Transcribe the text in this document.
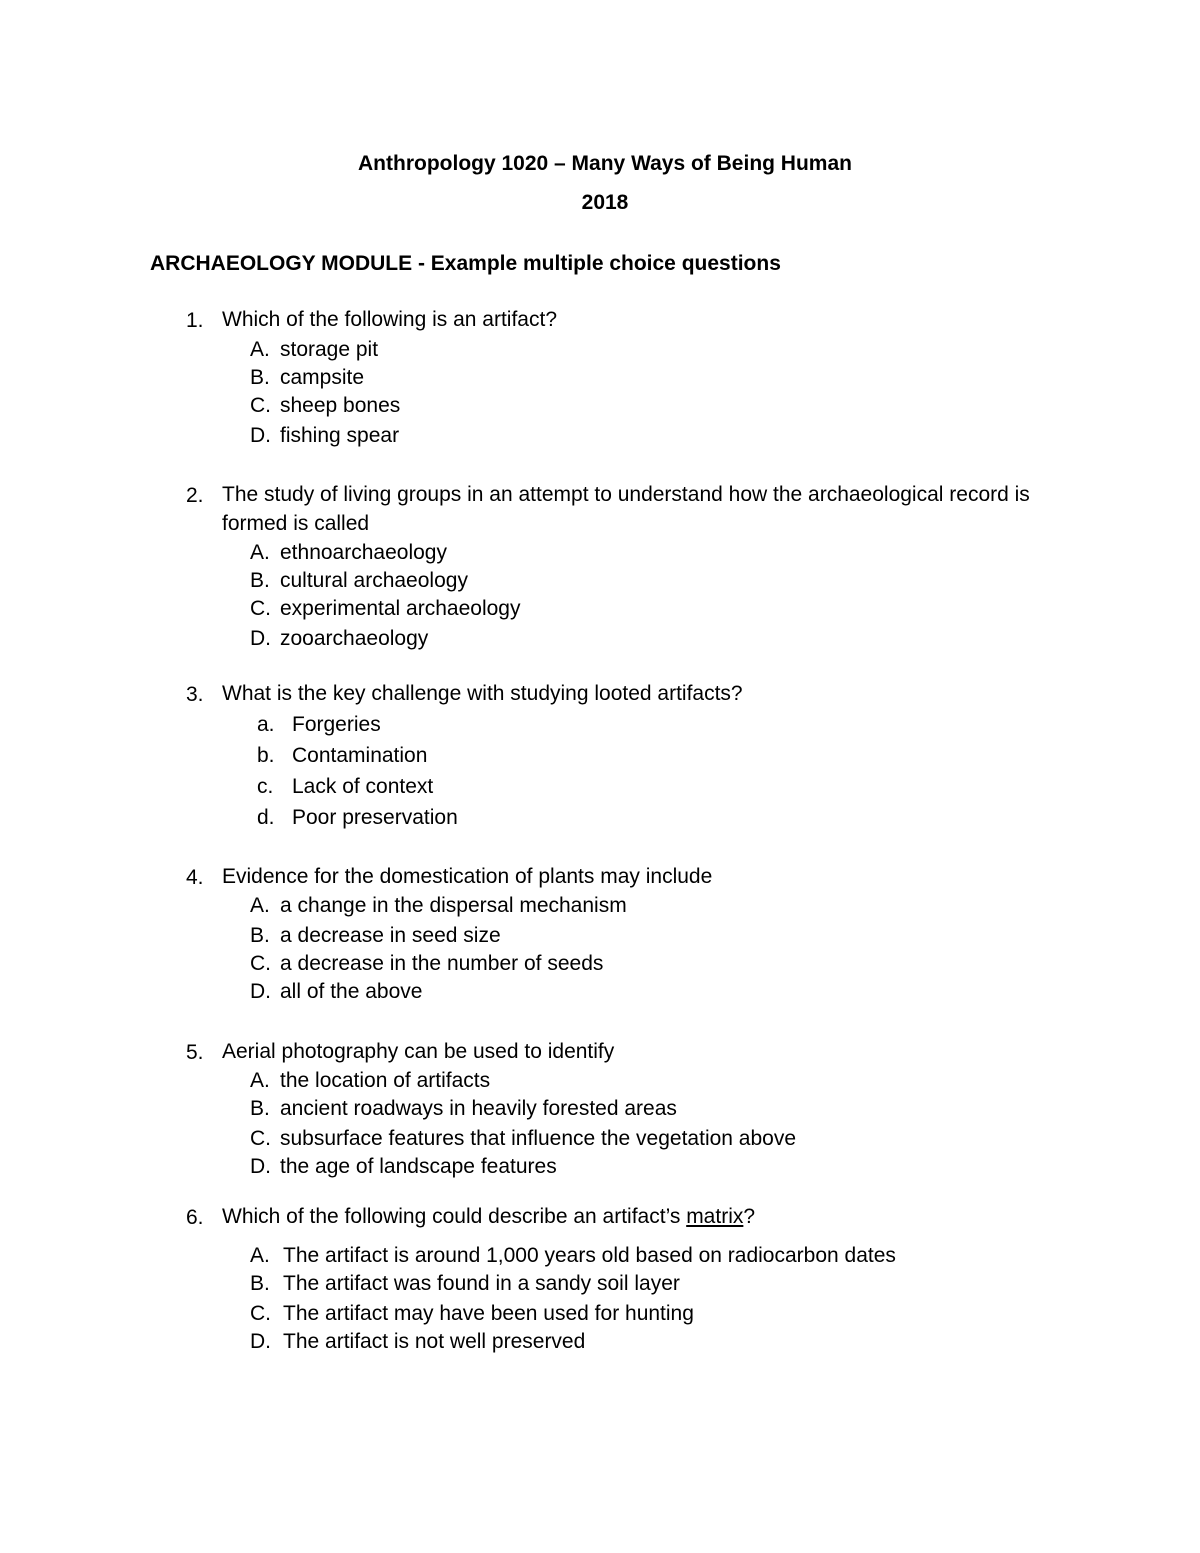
Anthropology 1020 – Many Ways of Being Human
2018
ARCHAEOLOGY MODULE - Example multiple choice questions
1. Which of the following is an artifact?
A. storage pit
B. campsite
C. sheep bones
D. fishing spear
2. The study of living groups in an attempt to understand how the archaeological record is formed is called
A. ethnoarchaeology
B. cultural archaeology
C. experimental archaeology
D. zooarchaeology
3. What is the key challenge with studying looted artifacts?
a. Forgeries
b. Contamination
c. Lack of context
d. Poor preservation
4. Evidence for the domestication of plants may include
A. a change in the dispersal mechanism
B. a decrease in seed size
C. a decrease in the number of seeds
D. all of the above
5. Aerial photography can be used to identify
A. the location of artifacts
B. ancient roadways in heavily forested areas
C. subsurface features that influence the vegetation above
D. the age of landscape features
6. Which of the following could describe an artifact’s matrix?
A. The artifact is around 1,000 years old based on radiocarbon dates
B. The artifact was found in a sandy soil layer
C. The artifact may have been used for hunting
D. The artifact is not well preserved
